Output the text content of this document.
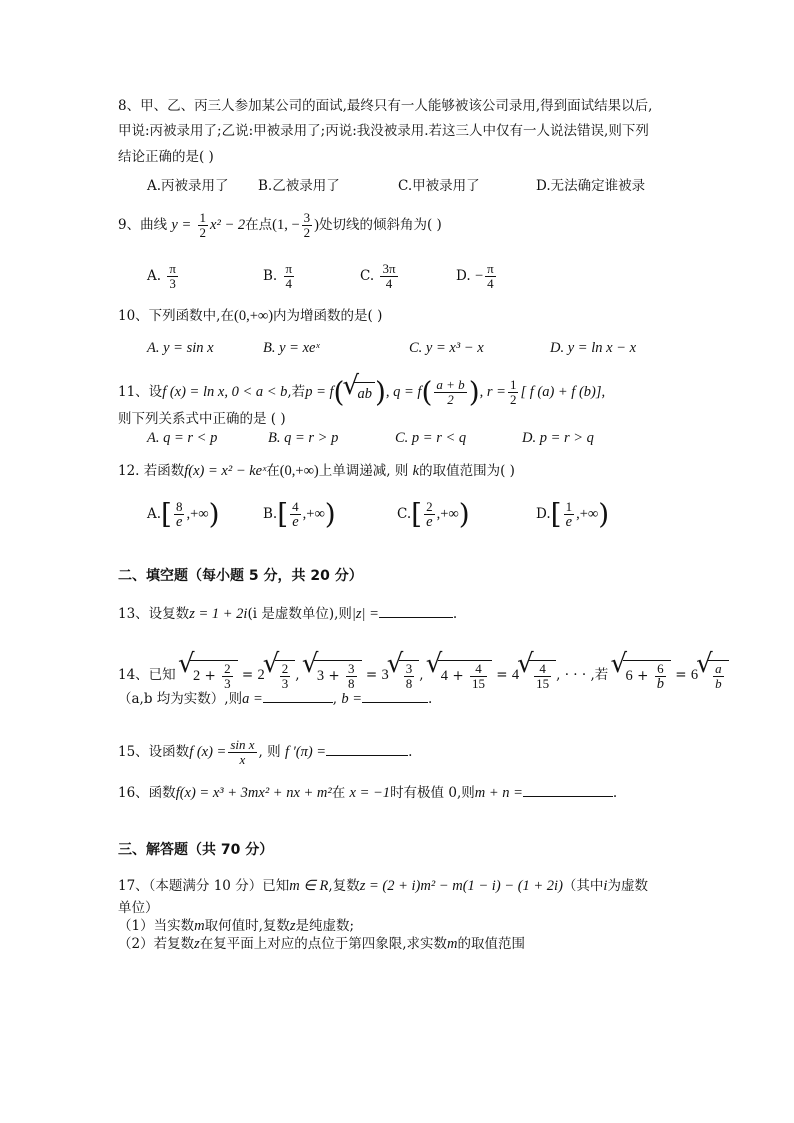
8、甲、乙、丙三人参加某公司的面试,最终只有一人能够被该公司录用,得到面试结果以后,
甲说:丙被录用了;乙说:甲被录用了;丙说:我没被录用.若这三人中仅有一人说法错误,则下列
结论正确的是( )
A.丙被录用了 B.乙被录用了	C.甲被录用了	D.无法确定谁被录
9、曲线 $y = \frac{1}{2} x^2 - 2$在点(1, − $\frac{3}{2}$ )处切线的倾斜角为( )
A. $\frac{\pi}{3}$	B. $\frac{\pi}{4}$	C. $\frac{3\pi}{4}$	D. − $\frac{\pi}{4}$
10、下列函数中,在(0,+∞)内为增函数的是( )
A. y = sin x	B. y = xeˣ	C. y = x³ − x	D. y = ln x − x
11、设f (x) = ln x, 0 < a < b,若p = f( √ ab ), $q = f( \frac{a + b}{2}$ ), $r = \frac{1}{2}$ [ f (a) + f (b)],
则下列关系式中正确的是 ( )
A. q = r < p	B. q = r > p	C. p = r < q	D. p = r > q
12. 若函数f(x) = x² − keˣ在(0,+∞)上单调递减, 则 k的取值范围为( )
$A.[ \frac{8}{e}$ ,+∞)	$B.[ \frac{4}{e}$ ,+∞)	$C.[ \frac{2}{e}$ ,+∞)	$D.[ \frac{1}{e}$ ,+∞)
二、填空题（每小题 5 分，共 20 分）
13、设复数z = 1 + 2i(i 是虚数单位),则|z| =	.
14、已知 √ $2 + \frac{2}{3} = 2$ √ $\frac{2}{3}$ , √ $3 + \frac{3}{8} = 3$ √ $\frac{3}{8}$ , √ $4 + \frac{4}{15} = 4$ √ $\frac{4}{15}$ , · · · ,若 √ $6 + \frac{6}{b} = 6$ √ $\frac{a}{b}$
（a,b 均为实数）,则a =	, b =	.
15、设函数f $(x) = \frac{\text{sin x}}{x}$ , 则 f ′(π) =	.
16、函数f(x) = x³ + 3mx² + nx + m²在 x = −1时有极值 0,则m + n =	.
三、解答题（共 70 分）
17、（本题满分 10 分）已知m ∈ R,复数z = (2 + i)m² − m(1 − i) − (1 + 2i)（其中i为虚数
单位）
（1）当实数m取何值时,复数z是纯虚数;
（2）若复数z在复平面上对应的点位于第四象限,求实数m的取值范围
